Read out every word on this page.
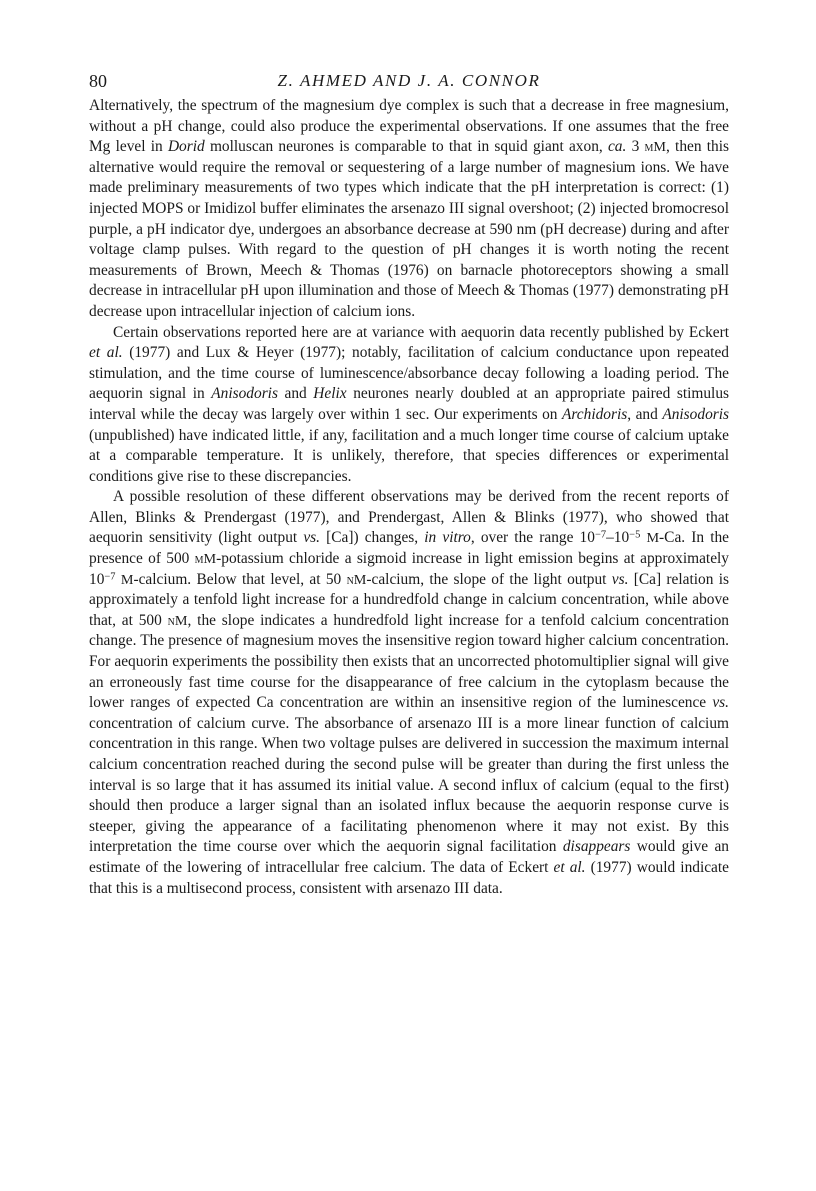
80	Z. AHMED AND J. A. CONNOR

Alternatively, the spectrum of the magnesium dye complex is such that a decrease in free magnesium, without a pH change, could also produce the experimental observations. If one assumes that the free Mg level in Dorid molluscan neurones is comparable to that in squid giant axon, ca. 3 mM, then this alternative would require the removal or sequestering of a large number of magnesium ions. We have made preliminary measurements of two types which indicate that the pH interpretation is correct: (1) injected MOPS or Imidizol buffer eliminates the arsenazo III signal overshoot; (2) injected bromocresol purple, a pH indicator dye, undergoes an absorbance decrease at 590 nm (pH decrease) during and after voltage clamp pulses. With regard to the question of pH changes it is worth noting the recent measurements of Brown, Meech & Thomas (1976) on barnacle photoreceptors showing a small decrease in intracellular pH upon illumination and those of Meech & Thomas (1977) demonstrating pH decrease upon intracellular injection of calcium ions.

Certain observations reported here are at variance with aequorin data recently published by Eckert et al. (1977) and Lux & Heyer (1977); notably, facilitation of calcium conductance upon repeated stimulation, and the time course of luminescence/absorbance decay following a loading period. The aequorin signal in Anisodoris and Helix neurones nearly doubled at an appropriate paired stimulus interval while the decay was largely over within 1 sec. Our experiments on Archidoris, and Anisodoris (unpublished) have indicated little, if any, facilitation and a much longer time course of calcium uptake at a comparable temperature. It is unlikely, therefore, that species differences or experimental conditions give rise to these discrepancies.

A possible resolution of these different observations may be derived from the recent reports of Allen, Blinks & Prendergast (1977), and Prendergast, Allen & Blinks (1977), who showed that aequorin sensitivity (light output vs. [Ca]) changes, in vitro, over the range $10^{-7}-10^{-5}$ M-Ca. In the presence of 500 mM-potassium chloride a sigmoid increase in light emission begins at approximately $10^{-7}$ M-calcium. Below that level, at 50 nM-calcium, the slope of the light output vs. [Ca] relation is approximately a tenfold light increase for a hundredfold change in calcium concentration, while above that, at 500 nM, the slope indicates a hundredfold light increase for a tenfold calcium concentration change. The presence of magnesium moves the insensitive region toward higher calcium concentration. For aequorin experiments the possibility then exists that an uncorrected photomultiplier signal will give an erroneously fast time course for the disappearance of free calcium in the cytoplasm because the lower ranges of expected Ca concentration are within an insensitive region of the luminescence vs. concentration of calcium curve. The absorbance of arsenazo III is a more linear function of calcium concentration in this range. When two voltage pulses are delivered in succession the maximum internal calcium concentration reached during the second pulse will be greater than during the first unless the interval is so large that it has assumed its initial value. A second influx of calcium (equal to the first) should then produce a larger signal than an isolated influx because the aequorin response curve is steeper, giving the appearance of a facilitating phenomenon where it may not exist. By this interpretation the time course over which the aequorin signal facilitation disappears would give an estimate of the lowering of intracellular free calcium. The data of Eckert et al. (1977) would indicate that this is a multisecond process, consistent with arsenazo III data.
